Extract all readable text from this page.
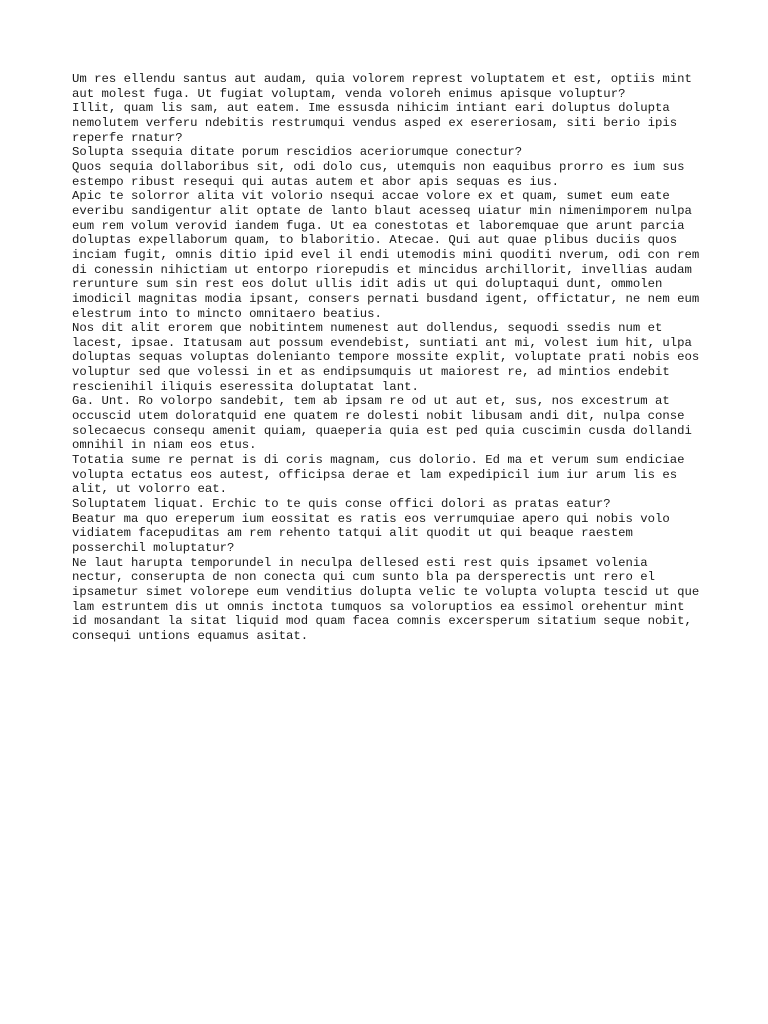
Um res ellendu santus aut audam, quia volorem represt voluptatem et est, optiis mint aut molest fuga. Ut fugiat voluptam, venda voloreh enimus apisque voluptur?

Illit, quam lis sam, aut eatem. Ime essusda nihicim intiant eari doluptus dolupta nemolutem verferu ndebitis restrumqui vendus asped ex esereriosam, siti berio ipis reperfe rnatur?

Solupta ssequia ditate porum rescidios aceriorumque conectur?

Quos sequia dollaboribus sit, odi dolo cus, utemquis non eaquibus prorro es ium sus estempo ribust resequi qui autas autem et abor apis sequas es ius.

Apic te solorror alita vit volorio nsequi accae volore ex et quam, sumet eum eate everibu sandigentur alit optate de lanto blaut acesseq uiatur min nimenimporem nulpa eum rem volum verovid iandem fuga. Ut ea conestotas et laboremquae que arunt parcia doluptas expellaborum quam, to blaboritio. Atecae. Qui aut quae plibus duciis quos inciam fugit, omnis ditio ipid evel il endi utemodis mini quoditi nverum, odi con rem di conessin nihictiam ut entorpo riorepudis et mincidus archillorit, invellias audam rerunture sum sin rest eos dolut ullis idit adis ut qui doluptaqui dunt, ommolen imodicil magnitas modia ipsant, consers pernati busdand igent, offictatur, ne nem eum elestrum into to mincto omnitaero beatius.

Nos dit alit erorem que nobitintem numenest aut dollendus, sequodi ssedis num et lacest, ipsae. Itatusam aut possum evendebist, suntiati ant mi, volest ium hit, ulpa doluptas sequas voluptas dolenianto tempore mossite explit, voluptate prati nobis eos voluptur sed que volessi in et as endipsumquis ut maiorest re, ad mintios endebit rescienihil iliquis eseressita doluptatat lant.

Ga. Unt. Ro volorpo sandebit, tem ab ipsam re od ut aut et, sus, nos excestrum at occuscid utem doloratquid ene quatem re dolesti nobit libusam andi dit, nulpa conse solecaecus consequ amenit quiam, quaeperia quia est ped quia cuscimin cusda dollandi omnihil in niam eos etus.

Totatia sume re pernat is di coris magnam, cus dolorio. Ed ma et verum sum endiciae volupta ectatus eos autest, officipsa derae et lam expedipicil ium iur arum lis es alit, ut volorro eat.

Soluptatem liquat. Erchic to te quis conse offici dolori as pratas eatur?

Beatur ma quo ereperum ium eossitat es ratis eos verrumquiae apero qui nobis volo vidiatem facepuditas am rem rehento tatqui alit quodit ut qui beaque raestem posserchil moluptatur?

Ne laut harupta temporundel in neculpa dellesed esti rest quis ipsamet volenia nectur, conserupta de non conecta qui cum sunto bla pa dersperectis unt rero el ipsametur simet volorepe eum venditius dolupta velic te volupta volupta tescid ut que lam estruntem dis ut omnis inctota tumquos sa voloruptios ea essimol orehentur mint id mosandant la sitat liquid mod quam facea comnis excersperum sitatium seque nobit, consequi untions equamus asitat.
